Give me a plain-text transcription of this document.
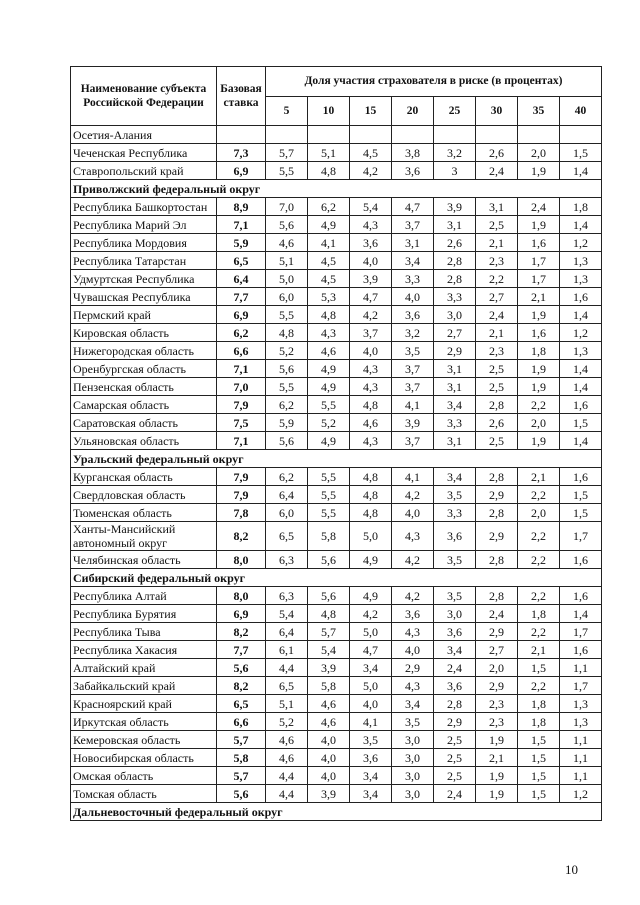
Наименование субъекта Российской Федерации	Базовая ставка	Доля участия страхователя в риске (в процентах)							
		5	10	15	20	25	30	35	40
Осетия-Алания									
Чеченская Республика	7,3	5,7	5,1	4,5	3,8	3,2	2,6	2,0	1,5
Ставропольский край	6,9	5,5	4,8	4,2	3,6	3	2,4	1,9	1,4
Приволжский федеральный округ									
Республика Башкортостан	8,9	7,0	6,2	5,4	4,7	3,9	3,1	2,4	1,8
Республика Марий Эл	7,1	5,6	4,9	4,3	3,7	3,1	2,5	1,9	1,4
Республика Мордовия	5,9	4,6	4,1	3,6	3,1	2,6	2,1	1,6	1,2
Республика Татарстан	6,5	5,1	4,5	4,0	3,4	2,8	2,3	1,7	1,3
Удмуртская Республика	6,4	5,0	4,5	3,9	3,3	2,8	2,2	1,7	1,3
Чувашская Республика	7,7	6,0	5,3	4,7	4,0	3,3	2,7	2,1	1,6
Пермский край	6,9	5,5	4,8	4,2	3,6	3,0	2,4	1,9	1,4
Кировская область	6,2	4,8	4,3	3,7	3,2	2,7	2,1	1,6	1,2
Нижегородская область	6,6	5,2	4,6	4,0	3,5	2,9	2,3	1,8	1,3
Оренбургская область	7,1	5,6	4,9	4,3	3,7	3,1	2,5	1,9	1,4
Пензенская область	7,0	5,5	4,9	4,3	3,7	3,1	2,5	1,9	1,4
Самарская область	7,9	6,2	5,5	4,8	4,1	3,4	2,8	2,2	1,6
Саратовская область	7,5	5,9	5,2	4,6	3,9	3,3	2,6	2,0	1,5
Ульяновская область	7,1	5,6	4,9	4,3	3,7	3,1	2,5	1,9	1,4
Уральский федеральный округ									
Курганская область	7,9	6,2	5,5	4,8	4,1	3,4	2,8	2,1	1,6
Свердловская область	7,9	6,4	5,5	4,8	4,2	3,5	2,9	2,2	1,5
Тюменская область	7,8	6,0	5,5	4,8	4,0	3,3	2,8	2,0	1,5
Ханты-Мансийский автономный округ	8,2	6,5	5,8	5,0	4,3	3,6	2,9	2,2	1,7
Челябинская область	8,0	6,3	5,6	4,9	4,2	3,5	2,8	2,2	1,6
Сибирский федеральный округ									
Республика Алтай	8,0	6,3	5,6	4,9	4,2	3,5	2,8	2,2	1,6
Республика Бурятия	6,9	5,4	4,8	4,2	3,6	3,0	2,4	1,8	1,4
Республика Тыва	8,2	6,4	5,7	5,0	4,3	3,6	2,9	2,2	1,7
Республика Хакасия	7,7	6,1	5,4	4,7	4,0	3,4	2,7	2,1	1,6
Алтайский край	5,6	4,4	3,9	3,4	2,9	2,4	2,0	1,5	1,1
Забайкальский край	8,2	6,5	5,8	5,0	4,3	3,6	2,9	2,2	1,7
Красноярский край	6,5	5,1	4,6	4,0	3,4	2,8	2,3	1,8	1,3
Иркутская область	6,6	5,2	4,6	4,1	3,5	2,9	2,3	1,8	1,3
Кемеровская область	5,7	4,6	4,0	3,5	3,0	2,5	1,9	1,5	1,1
Новосибирская область	5,8	4,6	4,0	3,6	3,0	2,5	2,1	1,5	1,1
Омская область	5,7	4,4	4,0	3,4	3,0	2,5	1,9	1,5	1,1
Томская область	5,6	4,4	3,9	3,4	3,0	2,4	1,9	1,5	1,2
Дальневосточный федеральный округ									
10
